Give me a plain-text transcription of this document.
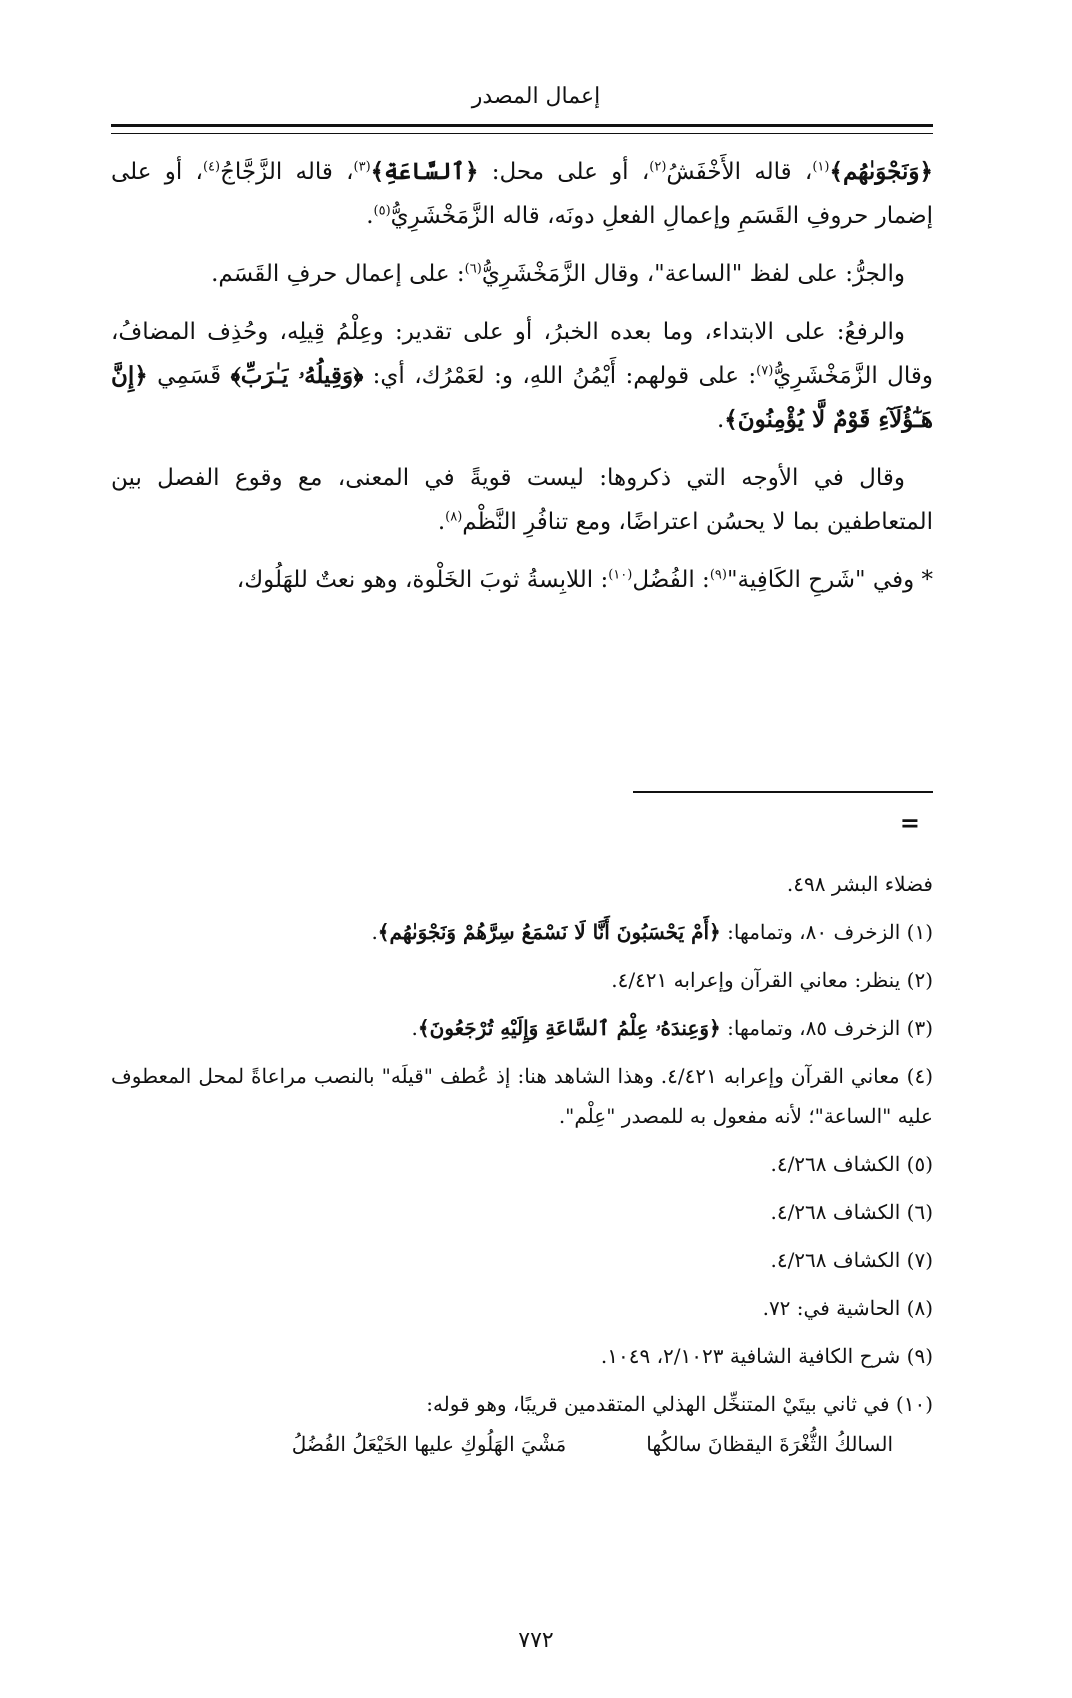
إعمال المصدر

﴿وَنَجْوَىٰهُم﴾$^{(١)}$، قاله الأَخْفَشُ$^{(٢)}$، أو على محل: ﴿ٱلسَّاعَةِ﴾$^{(٣)}$، قاله الزَّجَّاجُ$^{(٤)}$، أو على إضمار حروفِ القَسَمِ وإعمالِ الفعلِ دونَه، قاله الزَّمَخْشَرِيُّ$^{(٥)}$.

والجرُّ: على لفظ "الساعة"، وقال الزَّمَخْشَرِيُّ$^{(٦)}$: على إعمال حرفِ القَسَم.

والرفعُ: على الابتداء، وما بعده الخبرُ، أو على تقدير: وعِلْمُ قِيلِه، وحُذِف المضافُ، وقال الزَّمَخْشَرِيُّ$^{(٧)}$: على قولهم: أَيْمُنُ اللهِ، و: لعَمْرُك، أي: ﴿وَقِيلُهُۥ يَـٰرَبِّ﴾ قَسَمِي ﴿إِنَّ هَـٰٓؤُلَآءِ قَوْمٌ لَّا يُؤْمِنُونَ﴾.

وقال في الأوجه التي ذكروها: ليست قويةً في المعنى، مع وقوع الفصل بين المتعاطفين بما لا يحسُن اعتراضًا، ومع تنافُرِ النَّظْم$^{(٨)}$.

* وفي "شَرحِ الكَافِية"$^{(٩)}$: الفُضُل$^{(١٠)}$: اللابِسةُ ثوبَ الخَلْوة، وهو نعتٌ للهَلُوك،

=

فضلاء البشر ٤٩٨.

(١) الزخرف ٨٠، وتمامها: ﴿أَمْ يَحْسَبُونَ أَنَّا لَا نَسْمَعُ سِرَّهُمْ وَنَجْوَىٰهُم﴾.

(٢) ينظر: معاني القرآن وإعرابه ٤/٤٢١.

(٣) الزخرف ٨٥، وتمامها: ﴿وَعِندَهُۥ عِلْمُ ٱلسَّاعَةِ وَإِلَيْهِ تُرْجَعُونَ﴾.

(٤) معاني القرآن وإعرابه ٤/٤٢١. وهذا الشاهد هنا: إذ عُطف "قيلَه" بالنصب مراعاةً لمحل المعطوف عليه "الساعة"؛ لأنه مفعول به للمصدر "عِلْم".

(٥) الكشاف ٤/٢٦٨.

(٦) الكشاف ٤/٢٦٨.

(٧) الكشاف ٤/٢٦٨.

(٨) الحاشية في: ٧٢.

(٩) شرح الكافية الشافية ٢/١٠٢٣، ١٠٤٩.

(١٠) في ثاني بيتَيْ المتنخِّل الهذلي المتقدمين قريبًا، وهو قوله:

السالكُ الثُّغْرَةَ اليقظانَ سالكُها
مَشْيَ الهَلُوكِ عليها الخَيْعَلُ الفُضُلُ
٧٧٢
